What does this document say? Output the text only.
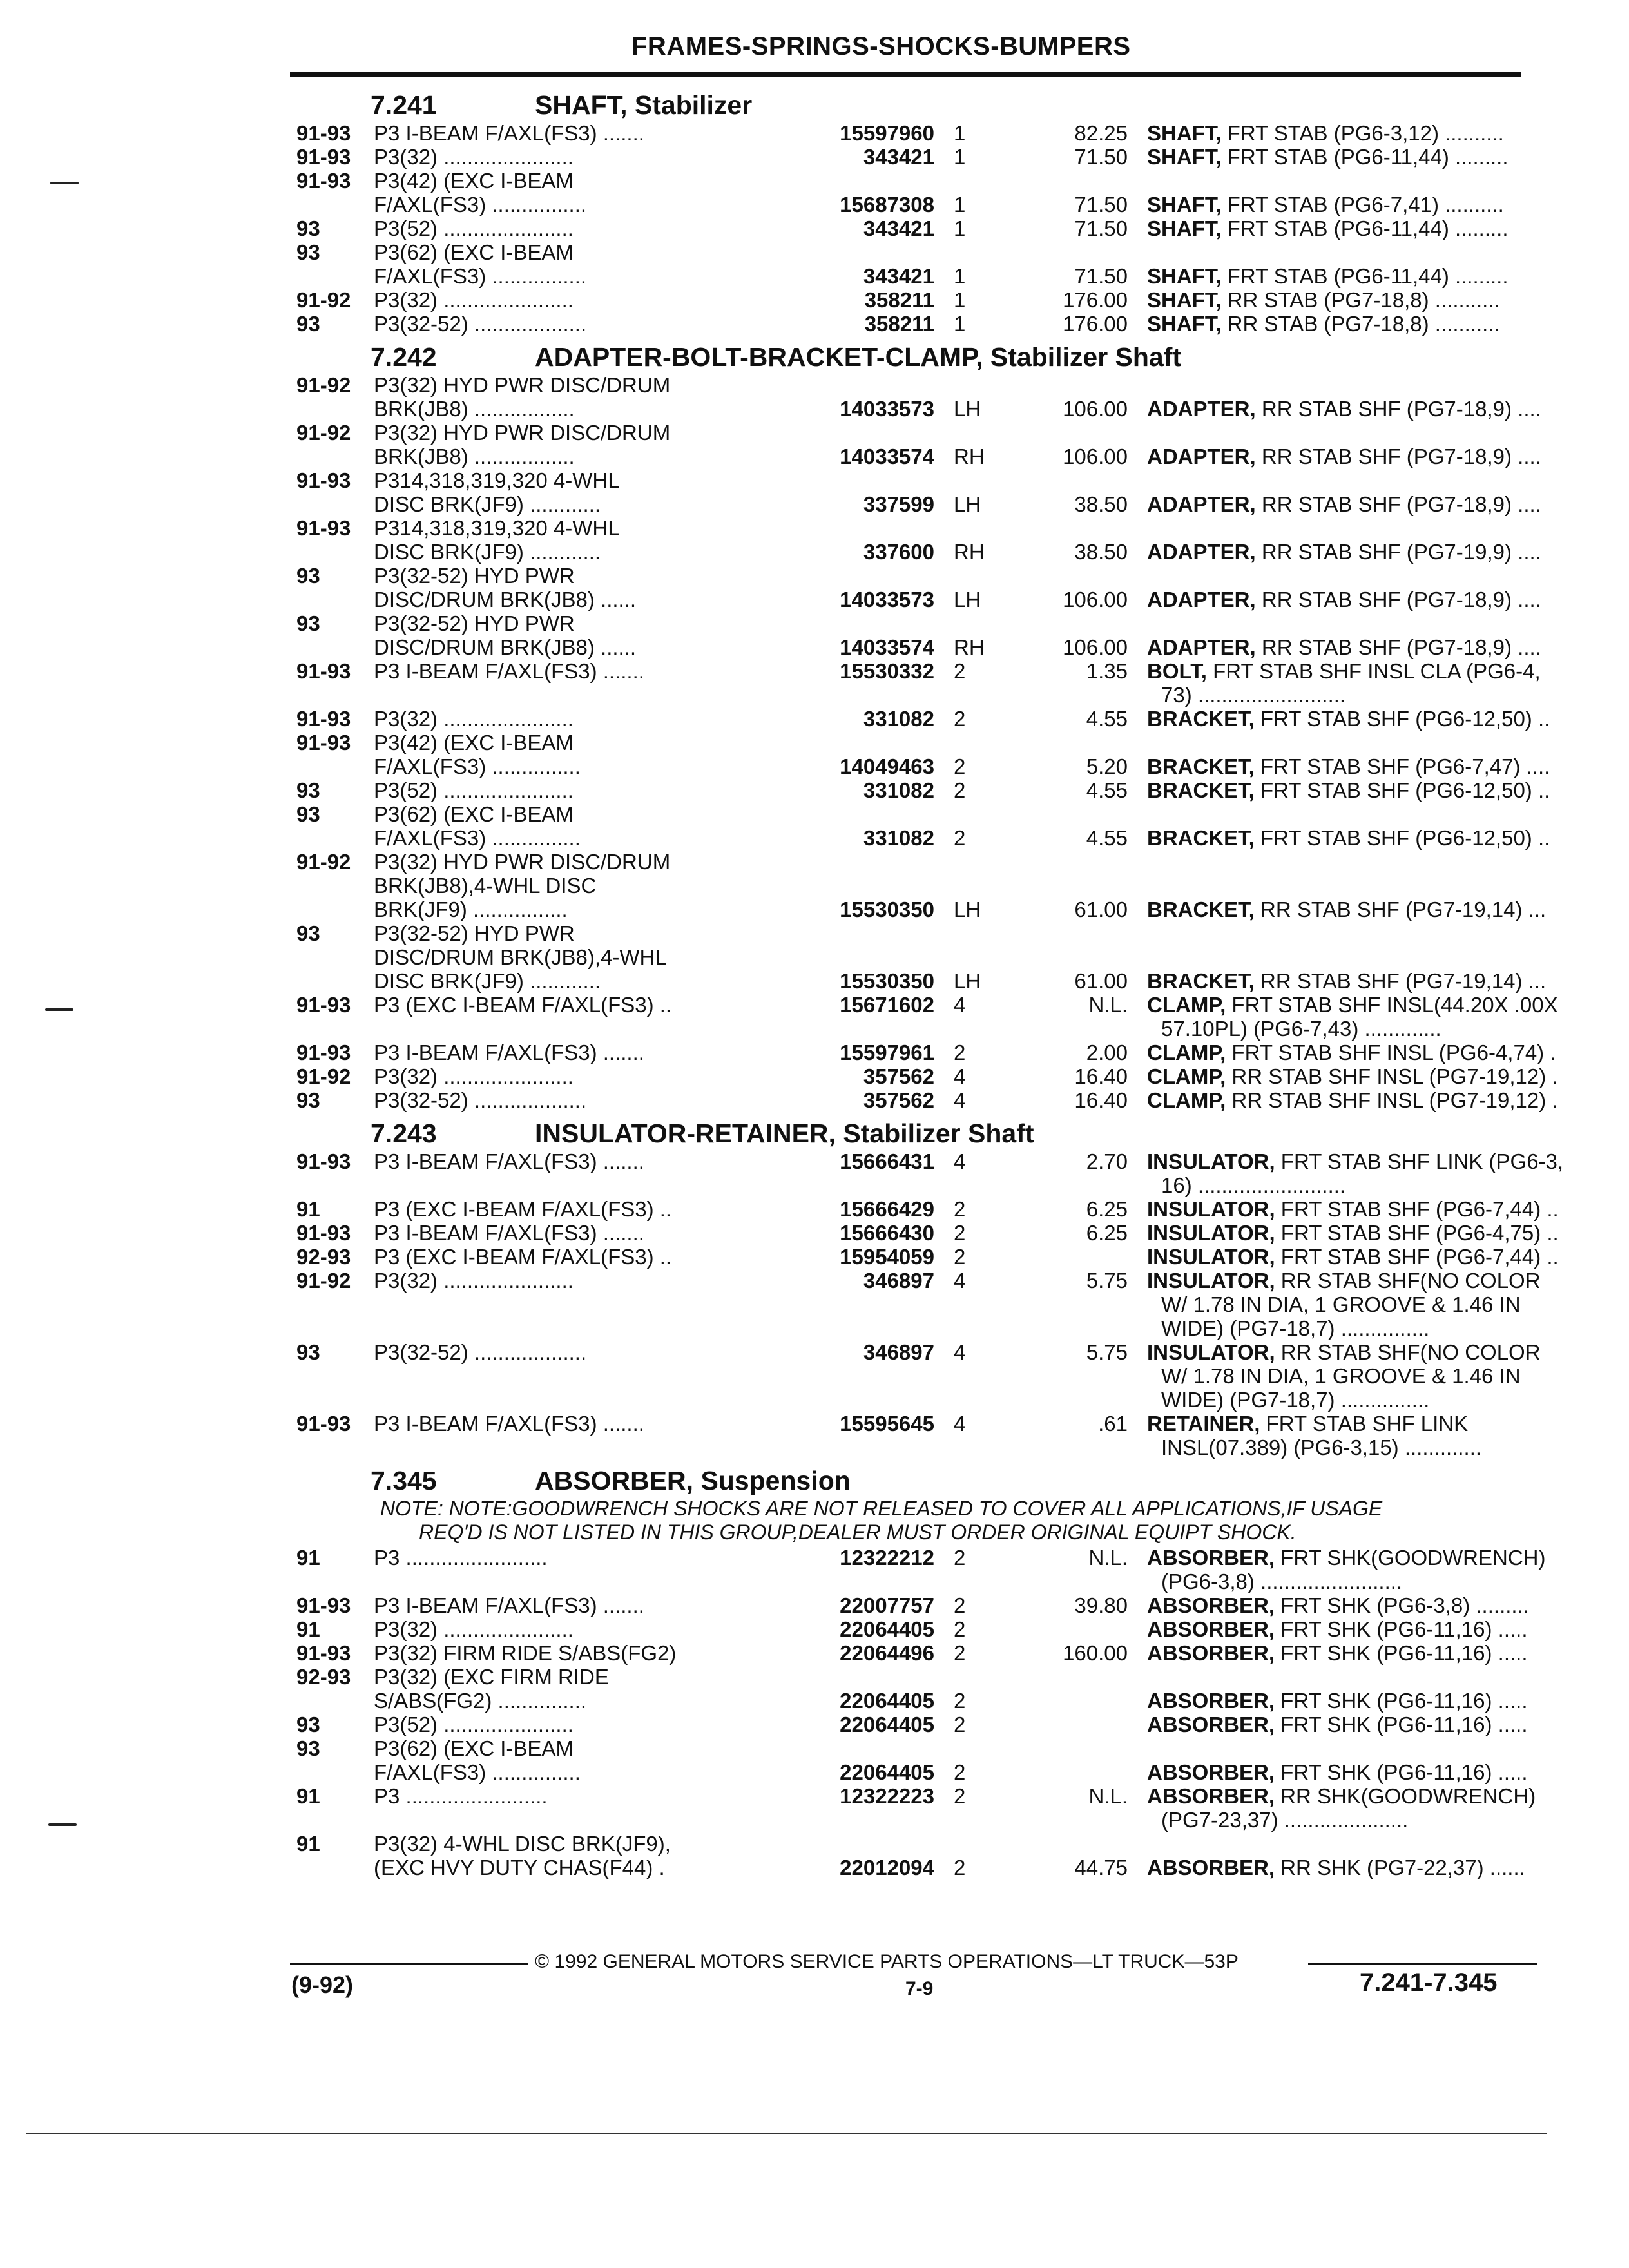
FRAMES-SPRINGS-SHOCKS-BUMPERS
7.241	SHAFT, Stabilizer
91-93 P3 I-BEAM F/AXL(FS3) .......	15597960 1	82.25 SHAFT, FRT STAB (PG6-3,12) ..........
91-93 P3(32) ......................	343421 1	71.50 SHAFT, FRT STAB (PG6-11,44) .........
91-93 P3(42) (EXC I-BEAM
F/AXL(FS3) ................	15687308 1	71.50 SHAFT, FRT STAB (PG6-7,41) ..........
93	P3(52) ......................	343421 1	71.50 SHAFT, FRT STAB (PG6-11,44) .........
93	P3(62) (EXC I-BEAM
F/AXL(FS3) ................	343421 1	71.50 SHAFT, FRT STAB (PG6-11,44) .........
91-92 P3(32) ......................	358211 1	176.00 SHAFT, RR STAB (PG7-18,8) ...........
93	P3(32-52) ...................	358211 1	176.00 SHAFT, RR STAB (PG7-18,8) ...........
7.242	ADAPTER-BOLT-BRACKET-CLAMP, Stabilizer Shaft
91-92 P3(32) HYD PWR DISC/DRUM
BRK(JB8) .................	14033573 LH	106.00 ADAPTER, RR STAB SHF (PG7-18,9) ....
91-92 P3(32) HYD PWR DISC/DRUM
BRK(JB8) .................	14033574 RH	106.00 ADAPTER, RR STAB SHF (PG7-18,9) ....
91-93 P314,318,319,320 4-WHL
DISC BRK(JF9) ............	337599 LH	38.50 ADAPTER, RR STAB SHF (PG7-18,9) ....
91-93 P314,318,319,320 4-WHL
DISC BRK(JF9) ............	337600 RH	38.50 ADAPTER, RR STAB SHF (PG7-19,9) ....
93	P3(32-52) HYD PWR
DISC/DRUM BRK(JB8) ......	14033573 LH	106.00 ADAPTER, RR STAB SHF (PG7-18,9) ....
93	P3(32-52) HYD PWR
DISC/DRUM BRK(JB8) ......	14033574 RH	106.00 ADAPTER, RR STAB SHF (PG7-18,9) ....
91-93 P3 I-BEAM F/AXL(FS3) .......	15530332 2	1.35 BOLT, FRT STAB SHF INSL CLA (PG6-4,
73) .........................
91-93 P3(32) ......................	331082 2	4.55 BRACKET, FRT STAB SHF (PG6-12,50) ..
91-93 P3(42) (EXC I-BEAM
F/AXL(FS3) ...............	14049463 2	5.20 BRACKET, FRT STAB SHF (PG6-7,47) ....
93	P3(52) ......................	331082 2	4.55 BRACKET, FRT STAB SHF (PG6-12,50) ..
93	P3(62) (EXC I-BEAM
F/AXL(FS3) ...............	331082 2	4.55 BRACKET, FRT STAB SHF (PG6-12,50) ..
91-92 P3(32) HYD PWR DISC/DRUM
BRK(JB8),4-WHL DISC
BRK(JF9) ................	15530350 LH	61.00 BRACKET, RR STAB SHF (PG7-19,14) ...
93	P3(32-52) HYD PWR
DISC/DRUM BRK(JB8),4-WHL
DISC BRK(JF9) ............	15530350 LH	61.00 BRACKET, RR STAB SHF (PG7-19,14) ...
91-93 P3 (EXC I-BEAM F/AXL(FS3) ..	15671602 4	N.L. CLAMP, FRT STAB SHF INSL(44.20X .00X
57.10PL) (PG6-7,43) .............
91-93 P3 I-BEAM F/AXL(FS3) .......	15597961 2	2.00 CLAMP, FRT STAB SHF INSL (PG6-4,74) .
91-92 P3(32) ......................	357562 4	16.40 CLAMP, RR STAB SHF INSL (PG7-19,12) .
93	P3(32-52) ...................	357562 4	16.40 CLAMP, RR STAB SHF INSL (PG7-19,12) .
7.243	INSULATOR-RETAINER, Stabilizer Shaft
91-93 P3 I-BEAM F/AXL(FS3) .......	15666431 4	2.70 INSULATOR, FRT STAB SHF LINK (PG6-3,
16) .........................
91	P3 (EXC I-BEAM F/AXL(FS3) ..	15666429 2	6.25 INSULATOR, FRT STAB SHF (PG6-7,44) ..
91-93 P3 I-BEAM F/AXL(FS3) .......	15666430 2	6.25 INSULATOR, FRT STAB SHF (PG6-4,75) ..
92-93 P3 (EXC I-BEAM F/AXL(FS3) ..	15954059 2	INSULATOR, FRT STAB SHF (PG6-7,44) ..
91-92 P3(32) ......................	346897 4	5.75 INSULATOR, RR STAB SHF(NO COLOR
W/ 1.78 IN DIA, 1 GROOVE & 1.46 IN
WIDE) (PG7-18,7) ...............
93	P3(32-52) ...................	346897 4	5.75 INSULATOR, RR STAB SHF(NO COLOR
W/ 1.78 IN DIA, 1 GROOVE & 1.46 IN
WIDE) (PG7-18,7) ...............
91-93 P3 I-BEAM F/AXL(FS3) .......	15595645 4	.61 RETAINER, FRT STAB SHF LINK
INSL(07.389) (PG6-3,15) .............
7.345	ABSORBER, Suspension
NOTE: NOTE:GOODWRENCH SHOCKS ARE NOT RELEASED TO COVER ALL APPLICATIONS,IF USAGE
REQ'D IS NOT LISTED IN THIS GROUP,DEALER MUST ORDER ORIGINAL EQUIPT SHOCK.
91	P3 ........................	12322212 2	N.L. ABSORBER, FRT SHK(GOODWRENCH)
(PG6-3,8) ........................
91-93 P3 I-BEAM F/AXL(FS3) .......	22007757 2	39.80 ABSORBER, FRT SHK (PG6-3,8) .........
91	P3(32) ......................	22064405 2	ABSORBER, FRT SHK (PG6-11,16) .....
91-93 P3(32) FIRM RIDE S/ABS(FG2)	22064496 2	160.00 ABSORBER, FRT SHK (PG6-11,16) .....
92-93 P3(32) (EXC FIRM RIDE
S/ABS(FG2) ...............	22064405 2	ABSORBER, FRT SHK (PG6-11,16) .....
93	P3(52) ......................	22064405 2	ABSORBER, FRT SHK (PG6-11,16) .....
93	P3(62) (EXC I-BEAM
F/AXL(FS3) ...............	22064405 2	ABSORBER, FRT SHK (PG6-11,16) .....
91	P3 ........................	12322223 2	N.L. ABSORBER, RR SHK(GOODWRENCH)
(PG7-23,37) .....................
91	P3(32) 4-WHL DISC BRK(JF9),
(EXC HVY DUTY CHAS(F44) .	22012094 2	44.75 ABSORBER, RR SHK (PG7-22,37) ......
© 1992 GENERAL MOTORS SERVICE PARTS OPERATIONS—LT TRUCK—53P
(9-92)	7-9	7.241-7.345
